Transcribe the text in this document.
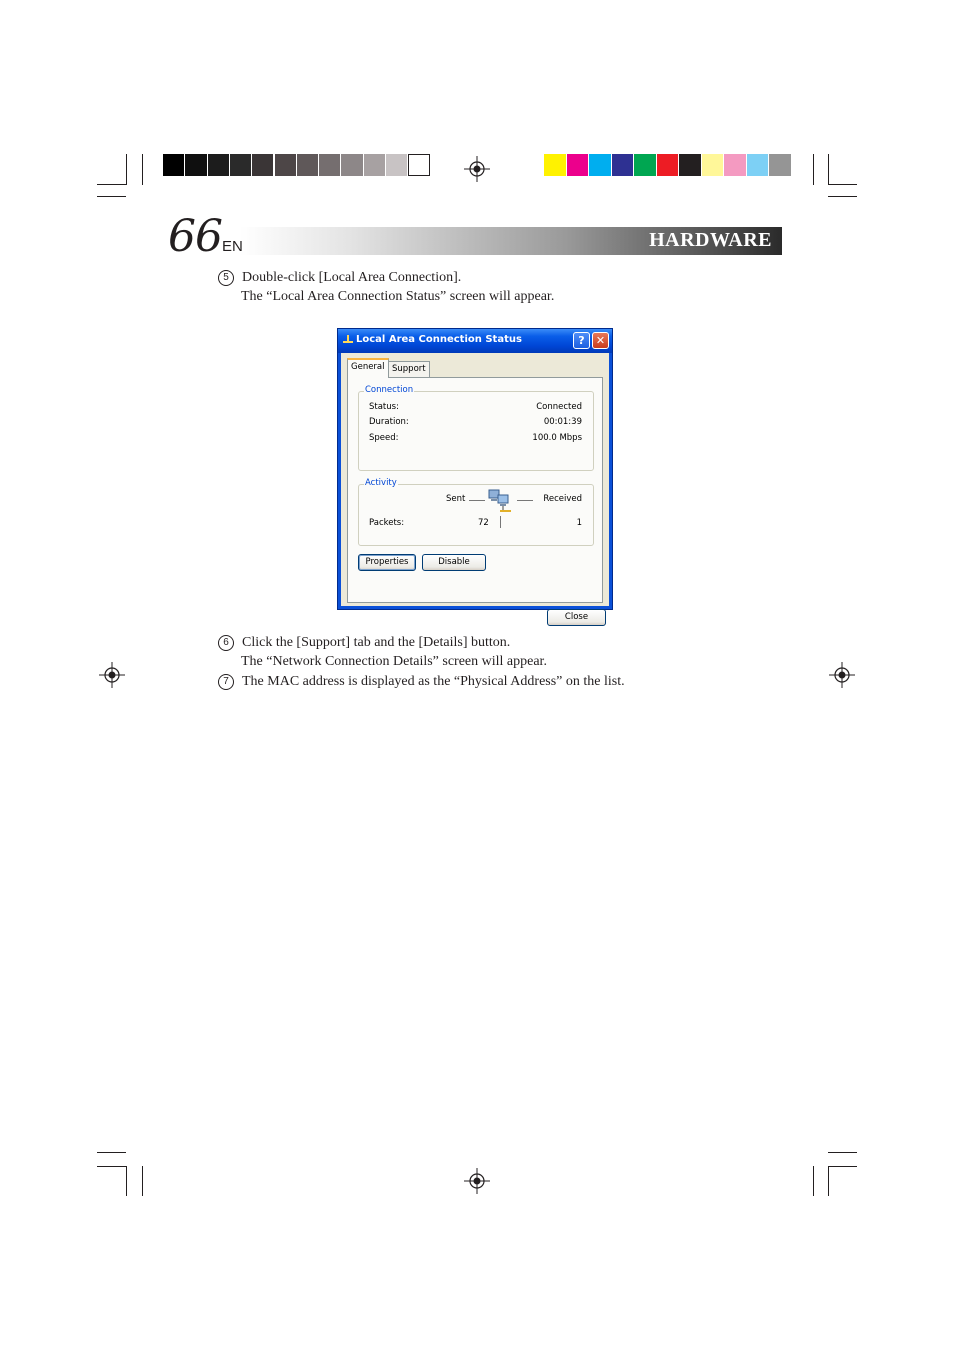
HARDWARE
66 EN
5 Double-click [Local Area Connection].
The “Local Area Connection Status” screen will appear.
Local Area Connection Status	?	✕
General Support
Connection
Status:	Connected
Duration:	00:01:39
Speed:	100.0 Mbps
Activity
Sent	Received
Packets:	72	1
Properties	Disable
Close
6 Click the [Support] tab and the [Details] button.
The “Network Connection Details” screen will appear.
7 The MAC address is displayed as the “Physical Address” on the list.
